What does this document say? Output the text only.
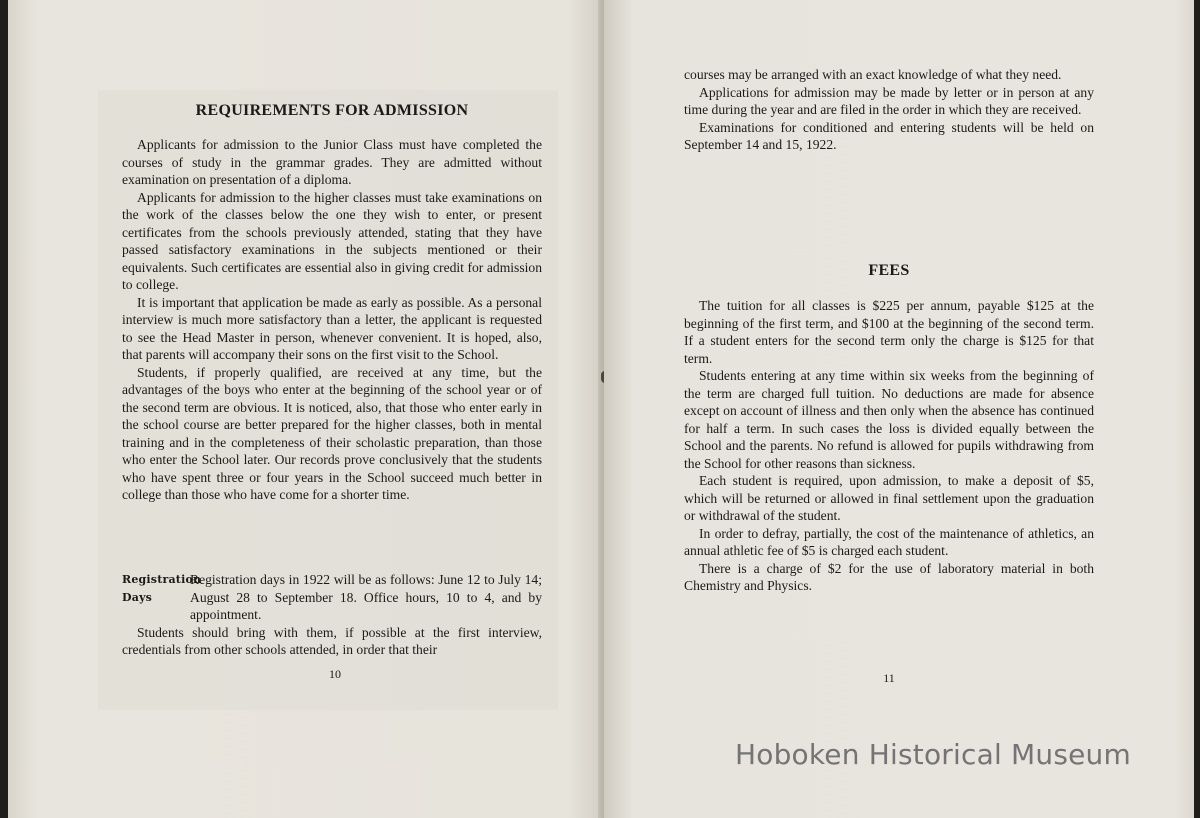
REQUIREMENTS FOR ADMISSION

Applicants for admission to the Junior Class must have completed the courses of study in the grammar grades. They are admitted without examination on presentation of a diploma.

Applicants for admission to the higher classes must take examinations on the work of the classes below the one they wish to enter, or present certificates from the schools previously attended, stating that they have passed satisfactory examinations in the subjects mentioned or their equivalents. Such certificates are essential also in giving credit for admission to college.

It is important that application be made as early as possible. As a personal interview is much more satisfactory than a letter, the applicant is requested to see the Head Master in person, whenever convenient. It is hoped, also, that parents will accompany their sons on the first visit to the School.

Students, if properly qualified, are received at any time, but the advantages of the boys who enter at the beginning of the school year or of the second term are obvious. It is noticed, also, that those who enter early in the school course are better prepared for the higher classes, both in mental training and in the completeness of their scholastic preparation, than those who enter the School later. Our records prove conclusively that the students who have spent three or four years in the School succeed much better in college than those who have come for a shorter time.

Registration
Days
Registration days in 1922 will be as follows: June 12 to July 14; August 28 to September 18. Office hours, 10 to 4, and by appointment.

Students should bring with them, if possible at the first interview, credentials from other schools attended, in order that their

10

courses may be arranged with an exact knowledge of what they need.

Applications for admission may be made by letter or in person at any time during the year and are filed in the order in which they are received.

Examinations for conditioned and entering students will be held on September 14 and 15, 1922.

FEES

The tuition for all classes is $225 per annum, payable $125 at the beginning of the first term, and $100 at the beginning of the second term. If a student enters for the second term only the charge is $125 for that term.

Students entering at any time within six weeks from the beginning of the term are charged full tuition. No deductions are made for absence except on account of illness and then only when the absence has continued for half a term. In such cases the loss is divided equally between the School and the parents. No refund is allowed for pupils withdrawing from the School for other reasons than sickness.

Each student is required, upon admission, to make a deposit of $5, which will be returned or allowed in final settlement upon the graduation or withdrawal of the student.

In order to defray, partially, the cost of the maintenance of athletics, an annual athletic fee of $5 is charged each student.

There is a charge of $2 for the use of laboratory material in both Chemistry and Physics.

11
Hoboken Historical Museum
